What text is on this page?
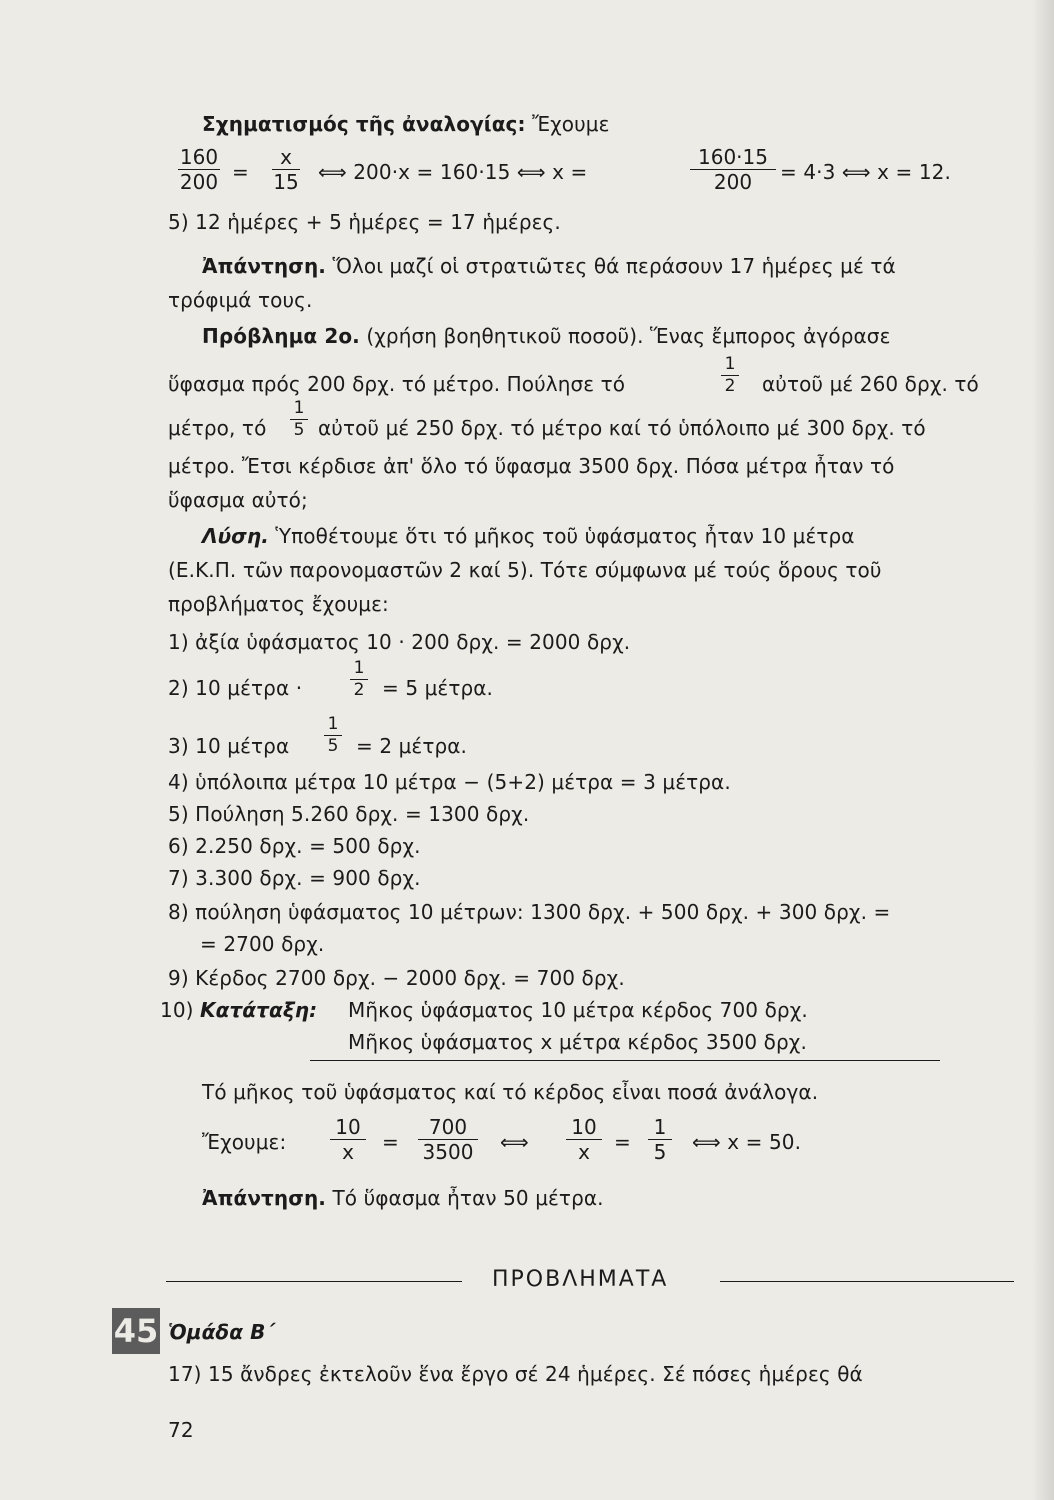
Σχηματισμός τῆς ἀναλογίας: Ἔχουμε
160
200 =
x
15 ⟺ 200·x = 160·15 ⟺ x =
160·15
200	= 4·3 ⟺ x = 12.
5) 12 ἡμέρες + 5 ἡμέρες = 17 ἡμέρες.
Ἀπάντηση. Ὅλοι μαζί οἱ στρατιῶτες θά περάσουν 17 ἡμέρες μέ τά
τρόφιμά τους.
Πρόβλημα 2ο. (χρήση βοηθητικοῦ ποσοῦ). Ἕνας ἔμπορος ἀγόρασε
ὕφασμα πρός 200 δρχ. τό μέτρο. Πούλησε τό
1
2 αὐτοῦ μέ 260 δρχ. τό
μέτρο, τό
1
5 αὐτοῦ μέ 250 δρχ. τό μέτρο καί τό ὑπόλοιπο μέ 300 δρχ. τό
μέτρο. Ἔτσι κέρδισε ἀπ' ὅλο τό ὕφασμα 3500 δρχ. Πόσα μέτρα ἦταν τό
ὕφασμα αὐτό;
Λύση. Ὑποθέτουμε ὅτι τό μῆκος τοῦ ὑφάσματος ἦταν 10 μέτρα
(Ε.Κ.Π. τῶν παρονομαστῶν 2 καί 5). Τότε σύμφωνα μέ τούς ὅρους τοῦ
προβλήματος ἔχουμε:
1) ἀξία ὑφάσματος 10 · 200 δρχ. = 2000 δρχ.
2) 10 μέτρα ·
1
2 = 5 μέτρα.
3) 10 μέτρα
1
5 = 2 μέτρα.
4) ὑπόλοιπα μέτρα 10 μέτρα − (5+2) μέτρα = 3 μέτρα.
5) Πούληση 5.260 δρχ. = 1300 δρχ.
6) 2.250 δρχ. = 500 δρχ.
7) 3.300 δρχ. = 900 δρχ.
8) πούληση ὑφάσματος 10 μέτρων: 1300 δρχ. + 500 δρχ. + 300 δρχ. =
= 2700 δρχ.
9) Κέρδος 2700 δρχ. − 2000 δρχ. = 700 δρχ.
10) Κατάταξη: Μῆκος ὑφάσματος 10 μέτρα κέρδος 700 δρχ.
Μῆκος ὑφάσματος x μέτρα κέρδος 3500 δρχ.
Τό μῆκος τοῦ ὑφάσματος καί τό κέρδος εἶναι ποσά ἀνάλογα.
Ἔχουμε:
10
x	=
700
3500 ⟺
10
x	=
1
5 ⟺ x = 50.
Ἀπάντηση. Τό ὕφασμα ἦταν 50 μέτρα.
ΠΡΟΒΛΗΜΑΤΑ
45 Ὁμάδα Β΄
17) 15 ἄνδρες ἐκτελοῦν ἕνα ἔργο σέ 24 ἡμέρες. Σέ πόσες ἡμέρες θά
72
